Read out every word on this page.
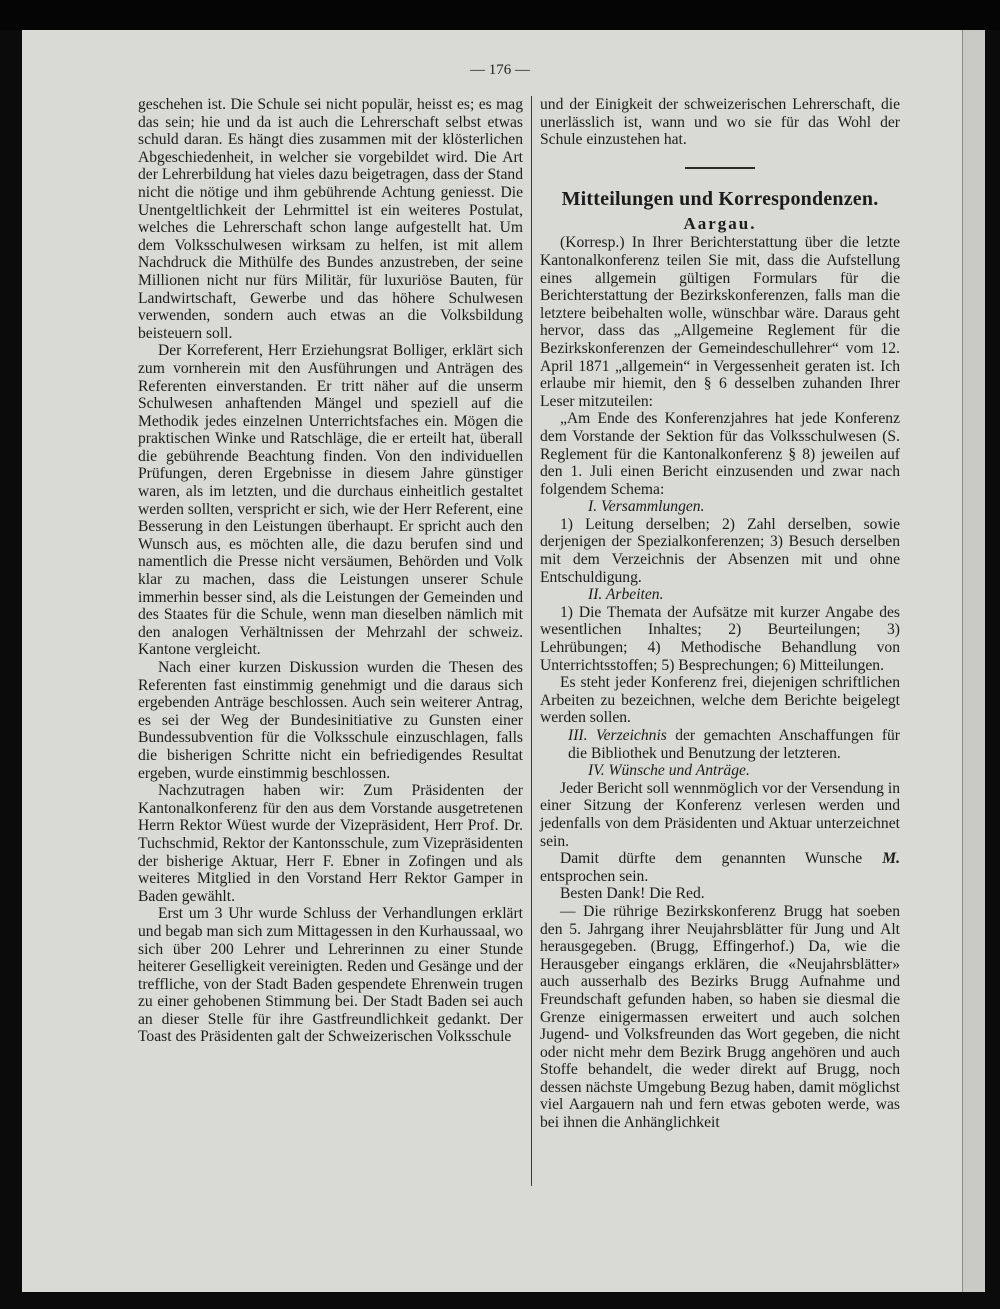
— 176 —

geschehen ist. Die Schule sei nicht populär, heisst es; es mag das sein; hie und da ist auch die Lehrerschaft selbst etwas schuld daran. Es hängt dies zusammen mit der klösterlichen Abgeschiedenheit, in welcher sie vorgebildet wird. Die Art der Lehrerbildung hat vieles dazu beigetragen, dass der Stand nicht die nötige und ihm gebührende Achtung geniesst. Die Unentgeltlichkeit der Lehrmittel ist ein weiteres Postulat, welches die Lehrerschaft schon lange aufgestellt hat. Um dem Volksschulwesen wirksam zu helfen, ist mit allem Nachdruck die Mithülfe des Bundes anzustreben, der seine Millionen nicht nur fürs Militär, für luxuriöse Bauten, für Landwirtschaft, Gewerbe und das höhere Schulwesen verwenden, sondern auch etwas an die Volksbildung beisteuern soll.

Der Korreferent, Herr Erziehungsrat Bolliger, erklärt sich zum vornherein mit den Ausführungen und Anträgen des Referenten einverstanden. Er tritt näher auf die unserm Schulwesen anhaftenden Mängel und speziell auf die Methodik jedes einzelnen Unterrichtsfaches ein. Mögen die praktischen Winke und Ratschläge, die er erteilt hat, überall die gebührende Beachtung finden. Von den individuellen Prüfungen, deren Ergebnisse in diesem Jahre günstiger waren, als im letzten, und die durchaus einheitlich gestaltet werden sollten, verspricht er sich, wie der Herr Referent, eine Besserung in den Leistungen überhaupt. Er spricht auch den Wunsch aus, es möchten alle, die dazu berufen sind und namentlich die Presse nicht versäumen, Behörden und Volk klar zu machen, dass die Leistungen unserer Schule immerhin besser sind, als die Leistungen der Gemeinden und des Staates für die Schule, wenn man dieselben nämlich mit den analogen Verhältnissen der Mehrzahl der schweiz. Kantone vergleicht.

Nach einer kurzen Diskussion wurden die Thesen des Referenten fast einstimmig genehmigt und die daraus sich ergebenden Anträge beschlossen. Auch sein weiterer Antrag, es sei der Weg der Bundesinitiative zu Gunsten einer Bundessubvention für die Volksschule einzuschlagen, falls die bisherigen Schritte nicht ein befriedigendes Resultat ergeben, wurde einstimmig beschlossen.

Nachzutragen haben wir: Zum Präsidenten der Kantonalkonferenz für den aus dem Vorstande ausgetretenen Herrn Rektor Wüest wurde der Vizepräsident, Herr Prof. Dr. Tuchschmid, Rektor der Kantonsschule, zum Vizepräsidenten der bisherige Aktuar, Herr F. Ebner in Zofingen und als weiteres Mitglied in den Vorstand Herr Rektor Gamper in Baden gewählt.

Erst um 3 Uhr wurde Schluss der Verhandlungen erklärt und begab man sich zum Mittagessen in den Kurhaussaal, wo sich über 200 Lehrer und Lehrerinnen zu einer Stunde heiterer Geselligkeit vereinigten. Reden und Gesänge und der treffliche, von der Stadt Baden gespendete Ehrenwein trugen zu einer gehobenen Stimmung bei. Der Stadt Baden sei auch an dieser Stelle für ihre Gastfreundlichkeit gedankt. Der Toast des Präsidenten galt der Schweizerischen Volksschule

und der Einigkeit der schweizerischen Lehrerschaft, die unerlässlich ist, wann und wo sie für das Wohl der Schule einzustehen hat.

Mitteilungen und Korrespondenzen.
Aargau.

(Korresp.) In Ihrer Berichterstattung über die letzte Kantonalkonferenz teilen Sie mit, dass die Aufstellung eines allgemein gültigen Formulars für die Berichterstattung der Bezirkskonferenzen, falls man die letztere beibehalten wolle, wünschbar wäre. Daraus geht hervor, dass das „Allgemeine Reglement für die Bezirkskonferenzen der Gemeindeschullehrer“ vom 12. April 1871 „allgemein“ in Vergessenheit geraten ist. Ich erlaube mir hiemit, den § 6 desselben zuhanden Ihrer Leser mitzuteilen:

„Am Ende des Konferenzjahres hat jede Konferenz dem Vorstande der Sektion für das Volksschulwesen (S. Reglement für die Kantonalkonferenz § 8) jeweilen auf den 1. Juli einen Bericht einzusenden und zwar nach folgendem Schema:

I. Versammlungen.

1) Leitung derselben; 2) Zahl derselben, sowie derjenigen der Spezialkonferenzen; 3) Besuch derselben mit dem Verzeichnis der Absenzen mit und ohne Entschuldigung.

II. Arbeiten.

1) Die Themata der Aufsätze mit kurzer Angabe des wesentlichen Inhaltes; 2) Beurteilungen; 3) Lehrübungen; 4) Methodische Behandlung von Unterrichtsstoffen; 5) Besprechungen; 6) Mitteilungen.

Es steht jeder Konferenz frei, diejenigen schriftlichen Arbeiten zu bezeichnen, welche dem Berichte beigelegt werden sollen.

III. Verzeichnis der gemachten Anschaffungen für die Bibliothek und Benutzung der letzteren.

IV. Wünsche und Anträge.

Jeder Bericht soll wennmöglich vor der Versendung in einer Sitzung der Konferenz verlesen werden und jedenfalls von dem Präsidenten und Aktuar unterzeichnet sein.

M.
Damit dürfte dem genannten Wunsche entsprochen sein.

Besten Dank! Die Red.

— Die rührige Bezirkskonferenz Brugg hat soeben den 5. Jahrgang ihrer Neujahrsblätter für Jung und Alt herausgegeben. (Brugg, Effingerhof.) Da, wie die Herausgeber eingangs erklären, die «Neujahrsblätter» auch ausserhalb des Bezirks Brugg Aufnahme und Freundschaft gefunden haben, so haben sie diesmal die Grenze einigermassen erweitert und auch solchen Jugend- und Volksfreunden das Wort gegeben, die nicht oder nicht mehr dem Bezirk Brugg angehören und auch Stoffe behandelt, die weder direkt auf Brugg, noch dessen nächste Umgebung Bezug haben, damit möglichst viel Aargauern nah und fern etwas geboten werde, was bei ihnen die Anhänglichkeit
